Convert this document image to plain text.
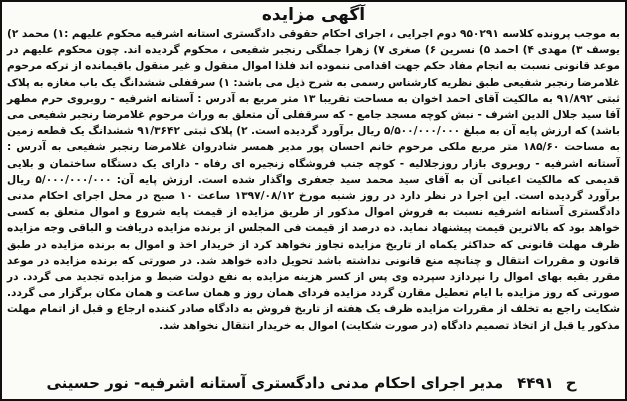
آگهی مزایده
به موجب پرونده کلاسه ۹۵۰۲۹۱ دوم اجرایی ، اجرای احکام حقوقی دادگستری استانه اشرفیه محکوم علیهم :۱) محمد ۲) یوسف ۳) مهدی ۴) احمد ۵) نسرین ۶) صغری ۷) زهرا جملگی رنجبر شفیعی ، محکوم گردیده اند. چون محکوم علیهم در موعد قانونی نسبت به انجام مفاد حکم جهت اقدامی ننموده اند فلذا اموال منقول و غیر منقول باقیمانده از ترکه مرحوم غلامرضا رنجبر شفیعی طبق نظریه کارشناس رسمی به شرح ذیل می باشد: ۱) سرقفلی ششدانگ یک باب مغازه به پلاک ثبتی ۹۱/۸۹۲ به مالکیت آقای احمد اخوان به مساحت تقریبا ۱۳ متر مربع به آدرس : آستانه اشرفیه - روبروی حرم مطهر آقا سید جلال الدین اشرف - نبش کوچه مسجد جامع - که سرقفلی آن متعلق به وراث مرحوم غلامرضا رنجبر شفیعی می باشد) که ارزش پایه آن به مبلغ ۵/۵۰۰/۰۰۰/۰۰۰ ریال برآورد گردیده است. ۲) پلاک ثبتی ۹۱/۳۶۴۲ ششدانگ یک قطعه زمین به مساحت ۱۸۵/۶۰ متر مربع ملکی مرحوم خانم احسان پور مدیر همسر شادروان غلامرضا رنجبر شفیعی به آدرس : آستانه اشرفیه - روبروی بازار روزجلالیه - کوچه جنب فروشگاه زنجیره ای رفاه - دارای یک دستگاه ساختمان و بلایی قدیمی که مالکیت اعیانی آن به آقای سید محمد سید جعفری واگذار شده است. ارزش پایه آن: ۵/۰۰۰/۰۰۰/۰۰۰ ریال برآورد گردیده است. این اجرا در نظر دارد در روز شنبه مورخ ۱۳۹۷/۰۸/۱۲ ساعت ۱۰ صبح در محل اجرای احکام مدنی دادگستری آستانه اشرفیه نسبت به فروش اموال مذکور از طریق مزایده از قیمت پایه شروع و اموال متعلق به کسی خواهد بود که بالاترین قیمت پیشنهاد نماید. ده درصد از قیمت فی المجلس از برنده مزایده دریافت و الباقی وجه مزایده ظرف مهلت قانونی که حداکثر یکماه از تاریخ مزایده تجاوز نخواهد کرد از خریدار اخذ و اموال به برنده مزایده در طبق قانون و مقررات انتقال و چنانچه منع قانونی نداشته باشد تحویل داده خواهد شد. در صورتی که برنده مزایده در موعد مقرر بقیه بهای اموال را نپردازد سپرده وی پس از کسر هزینه مزایده به نفع دولت ضبط و مزایده تجدید می گردد. در صورتی که روز مزایده با ایام تعطیل مقارن گردد مزایده فردای همان روز و همان ساعت و همان مکان برگزار می گردد. شکایت راجع به تخلف از مقررات مزایده ظرف یک هفته از تاریخ فروش به دادگاه صادر کننده ارجاع و قبل از اتمام مهلت مذکور یا قبل از اتخاذ تصمیم دادگاه (در صورت شکایت) اموال به خریدار انتقال نخواهد شد.
ح
۴۴۹۱
مدیر اجرای احکام مدنی دادگستری آستانه اشرفیه- نور حسینی
